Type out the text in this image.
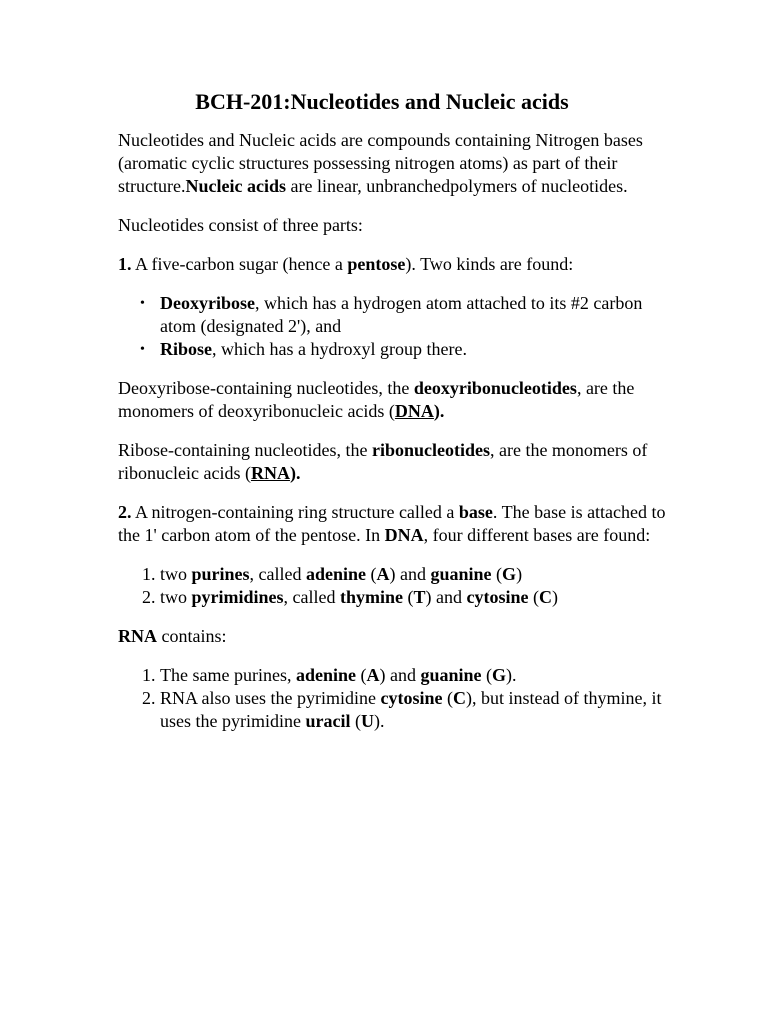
BCH-201:Nucleotides and Nucleic acids

Nucleotides and Nucleic acids are compounds containing Nitrogen bases (aromatic cyclic structures possessing nitrogen atoms) as part of their structure.Nucleic acids are linear, unbranchedpolymers of nucleotides.

Nucleotides consist of three parts:

1. A five-carbon sugar (hence a pentose). Two kinds are found:

• Deoxyribose, which has a hydrogen atom attached to its #2 carbon atom (designated 2'), and
• Ribose, which has a hydroxyl group there.

Deoxyribose-containing nucleotides, the deoxyribonucleotides, are the monomers of deoxyribonucleic acids (DNA).

Ribose-containing nucleotides, the ribonucleotides, are the monomers of ribonucleic acids (RNA).

2. A nitrogen-containing ring structure called a base. The base is attached to the 1' carbon atom of the pentose. In DNA, four different bases are found:

1. two purines, called adenine (A) and guanine (G)
2. two pyrimidines, called thymine (T) and cytosine (C)

RNA contains:

1. The same purines, adenine (A) and guanine (G).
2. RNA also uses the pyrimidine cytosine (C), but instead of thymine, it uses the pyrimidine uracil (U).
